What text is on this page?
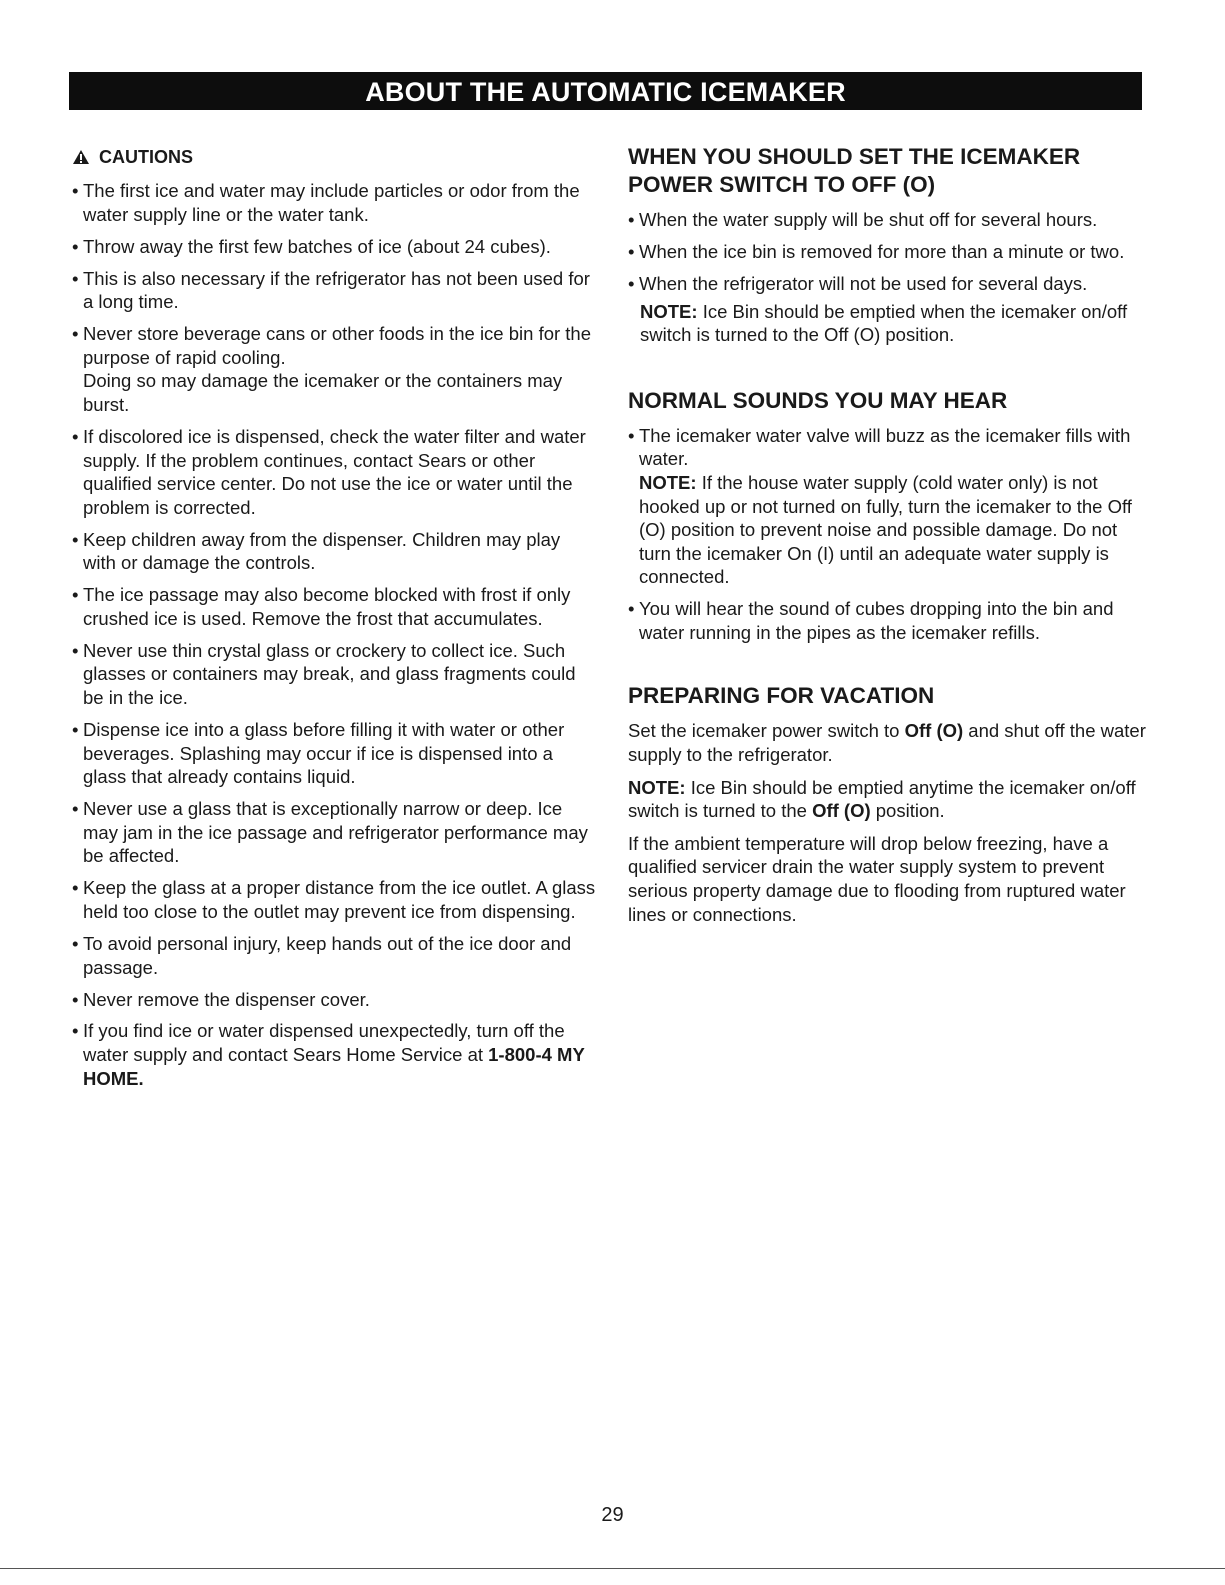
ABOUT THE AUTOMATIC ICEMAKER
CAUTIONS
• The first ice and water may include particles or odor from the water supply line or the water tank.
• Throw away the first few batches of ice (about 24 cubes).
• This is also necessary if the refrigerator has not been used for a long time.
• Never store beverage cans or other foods in the ice bin for the purpose of rapid cooling.
Doing so may damage the icemaker or the containers may burst.
• If discolored ice is dispensed, check the water filter and water supply. If the problem continues, contact Sears or other qualified service center. Do not use the ice or water until the problem is corrected.
• Keep children away from the dispenser. Children may play with or damage the controls.
• The ice passage may also become blocked with frost if only crushed ice is used. Remove the frost that accumulates.
• Never use thin crystal glass or crockery to collect ice. Such glasses or containers may break, and glass fragments could be in the ice.
• Dispense ice into a glass before filling it with water or other beverages. Splashing may occur if ice is dispensed into a glass that already contains liquid.
• Never use a glass that is exceptionally narrow or deep. Ice may jam in the ice passage and refrigerator performance may be affected.
• Keep the glass at a proper distance from the ice outlet. A glass held too close to the outlet may prevent ice from dispensing.
• To avoid personal injury, keep hands out of the ice door and passage.
• Never remove the dispenser cover.
• If you find ice or water dispensed unexpectedly, turn off the water supply and contact Sears Home Service at 1-800-4 MY HOME.
WHEN YOU SHOULD SET THE ICEMAKER POWER SWITCH TO OFF (O)
• When the water supply will be shut off for several hours.
• When the ice bin is removed for more than a minute or two.
• When the refrigerator will not be used for several days.
NOTE: Ice Bin should be emptied when the icemaker on/off switch is turned to the Off (O) position.
NORMAL SOUNDS YOU MAY HEAR
• The icemaker water valve will buzz as the icemaker fills with water.
NOTE: If the house water supply (cold water only) is not hooked up or not turned on fully, turn the icemaker to the Off (O) position to prevent noise and possible damage. Do not turn the icemaker On (I) until an adequate water supply is connected.
• You will hear the sound of cubes dropping into the bin and water running in the pipes as the icemaker refills.
PREPARING FOR VACATION

Set the icemaker power switch to Off (O) and shut off the water supply to the refrigerator.

NOTE: Ice Bin should be emptied anytime the icemaker on/off switch is turned to the Off (O) position.

If the ambient temperature will drop below freezing, have a qualified servicer drain the water supply system to prevent serious property damage due to flooding from ruptured water lines or connections.

29
